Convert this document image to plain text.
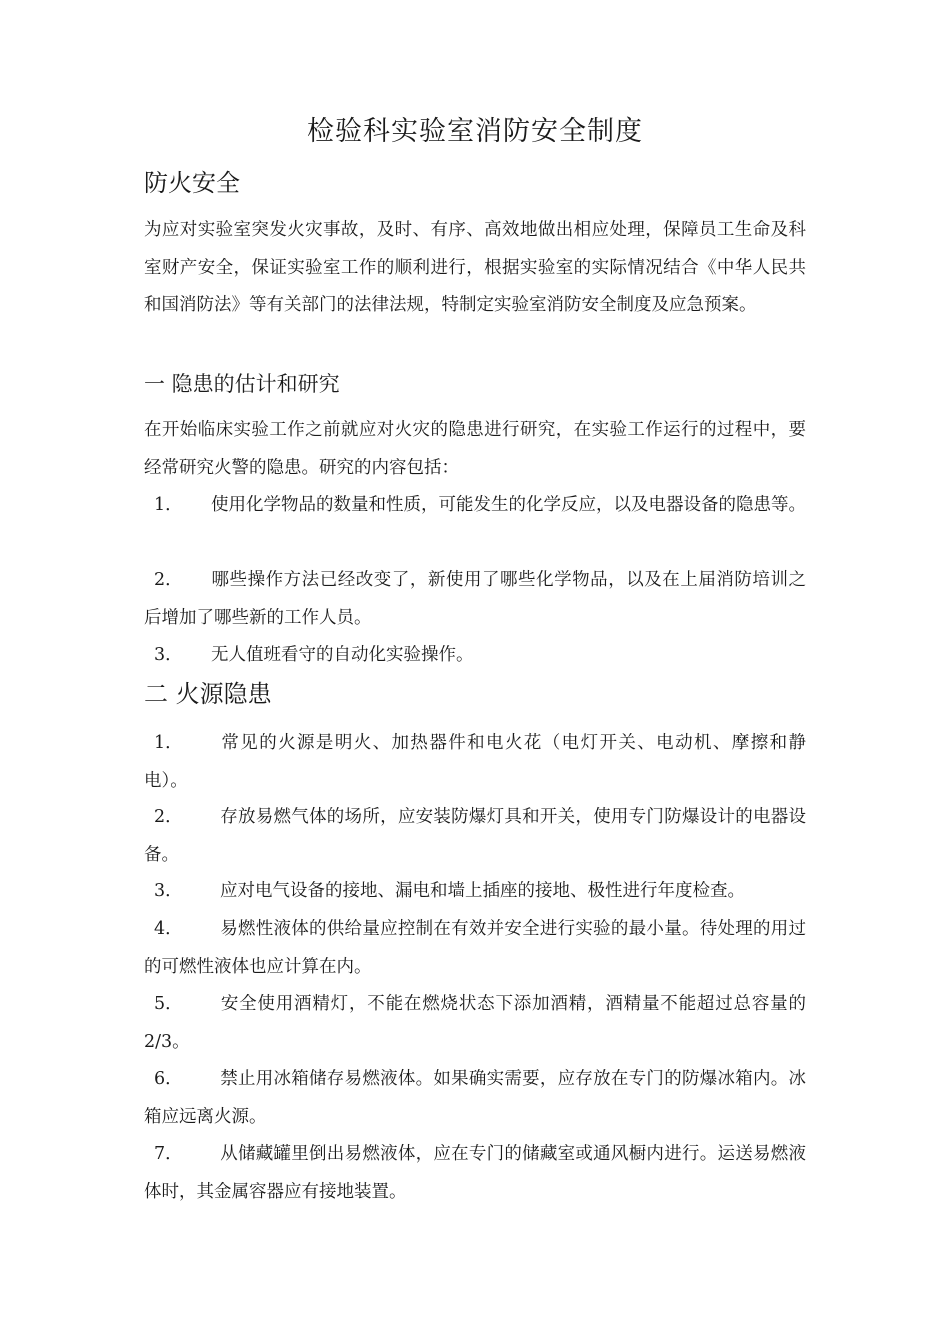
检验科实验室消防安全制度
防火安全

为应对实验室突发火灾事故，及时、有序、高效地做出相应处理，保障员工生命及科室财产安全，保证实验室工作的顺利进行，根据实验室的实际情况结合《中华人民共和国消防法》等有关部门的法律法规，特制定实验室消防安全制度及应急预案。

一 隐患的估计和研究

在开始临床实验工作之前就应对火灾的隐患进行研究，在实验工作运行的过程中，要经常研究火警的隐患。研究的内容包括：

1． 使用化学物品的数量和性质，可能发生的化学反应，以及电器设备的隐患等。

2． 哪些操作方法已经改变了，新使用了哪些化学物品，以及在上届消防培训之 后增加了哪些新的工作人员。

3． 无人值班看守的自动化实验操作。

二 火源隐患

1． 常见的火源是明火、加热器件和电火花（电灯开关、电动机、摩擦和静电）。

2． 存放易燃气体的场所，应安装防爆灯具和开关，使用专门防爆设计的电器设备。

3． 应对电气设备的接地、漏电和墙上插座的接地、极性进行年度检查。

4． 易燃性液体的供给量应控制在有效并安全进行实验的最小量。待处理的用过的可燃性液体也应计算在内。

5． 安全使用酒精灯，不能在燃烧状态下添加酒精，酒精量不能超过总容量的 2/3。

6． 禁止用冰箱储存易燃液体。如果确实需要，应存放在专门的防爆冰箱内。冰箱应远离火源。

7． 从储藏罐里倒出易燃液体，应在专门的储藏室或通风橱内进行。运送易燃液体时，其金属容器应有接地装置。
